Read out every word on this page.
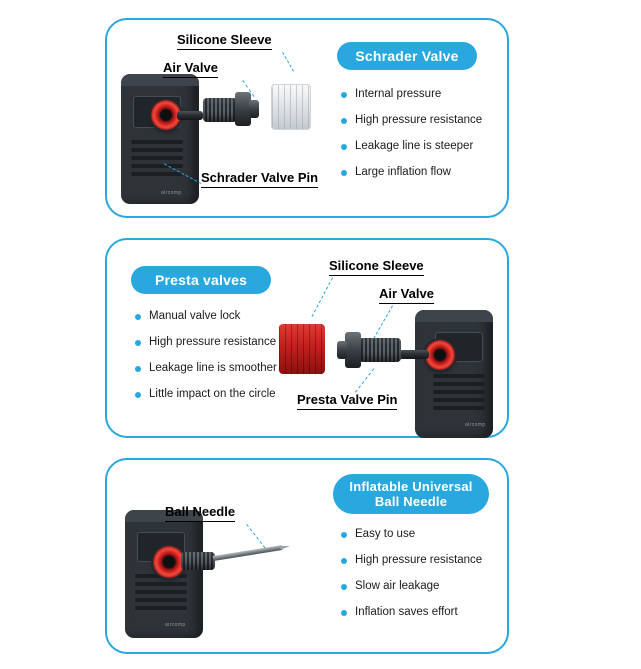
aircomp
Silicone Sleeve
Air Valve
Schrader Valve Pin
Schrader Valve
Internal pressure
High pressure resistance
Leakage line is steeper
Large inflation flow
Presta valves
Manual valve lock
High pressure resistance
Leakage line is smoother
Little impact on the circle
aircomp
Silicone Sleeve
Air Valve
Presta Valve Pin
aircomp
Ball Needle
Inflatable Universal
Ball Needle
Easy to use
High pressure resistance
Slow air leakage
Inflation saves effort
